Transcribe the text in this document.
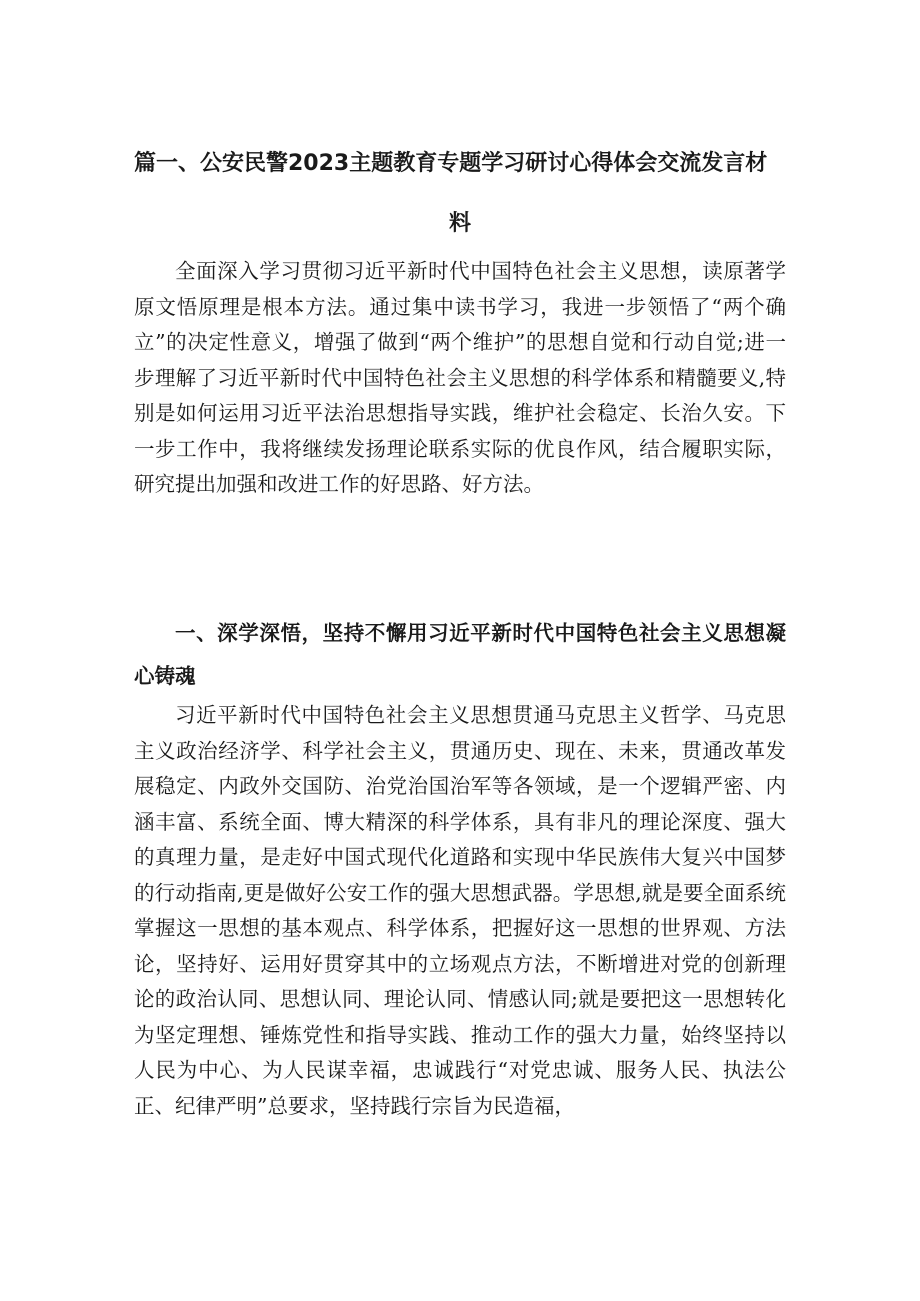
篇一、公安民警2023主题教育专题学习研讨心得体会交流发言材
料

全面深入学习贯彻习近平新时代中国特色社会主义思想，读原著学原文悟原理是根本方法。通过集中读书学习，我进一步领悟了“两个确立”的决定性意义，增强了做到“两个维护”的思想自觉和行动自觉;进一步理解了习近平新时代中国特色社会主义思想的科学体系和精髓要义,特别是如何运用习近平法治思想指导实践，维护社会稳定、长治久安。下一步工作中，我将继续发扬理论联系实际的优良作风，结合履职实际，研究提出加强和改进工作的好思路、好方法。

一、深学深悟，坚持不懈用习近平新时代中国特色社会主义思想凝心铸魂

习近平新时代中国特色社会主义思想贯通马克思主义哲学、马克思主义政治经济学、科学社会主义，贯通历史、现在、未来，贯通改革发展稳定、内政外交国防、治党治国治军等各领域，是一个逻辑严密、内涵丰富、系统全面、博大精深的科学体系，具有非凡的理论深度、强大的真理力量，是走好中国式现代化道路和实现中华民族伟大复兴中国梦的行动指南,更是做好公安工作的强大思想武器。学思想,就是要全面系统掌握这一思想的基本观点、科学体系，把握好这一思想的世界观、方法论，坚持好、运用好贯穿其中的立场观点方法，不断增进对党的创新理论的政治认同、思想认同、理论认同、情感认同;就是要把这一思想转化为坚定理想、锤炼党性和指导实践、推动工作的强大力量，始终坚持以人民为中心、为人民谋幸福，忠诚践行“对党忠诚、服务人民、执法公正、纪律严明”总要求，坚持践行宗旨为民造福，
